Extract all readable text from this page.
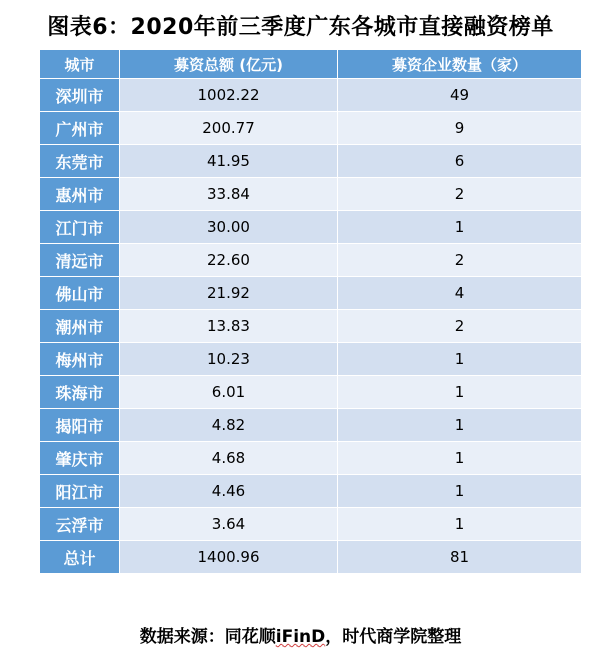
图表6：2020年前三季度广东各城市直接融资榜单
城市	募资总额 (亿元)	募资企业数量（家）
深圳市	1002.22	49
广州市	200.77	9
东莞市	41.95	6
惠州市	33.84	2
江门市	30.00	1
清远市	22.60	2
佛山市	21.92	4
潮州市	13.83	2
梅州市	10.23	1
珠海市	6.01	1
揭阳市	4.82	1
肇庆市	4.68	1
阳江市	4.46	1
云浮市	3.64	1
总计	1400.96	81
数据来源：同花顺iFinD，时代商学院整理
